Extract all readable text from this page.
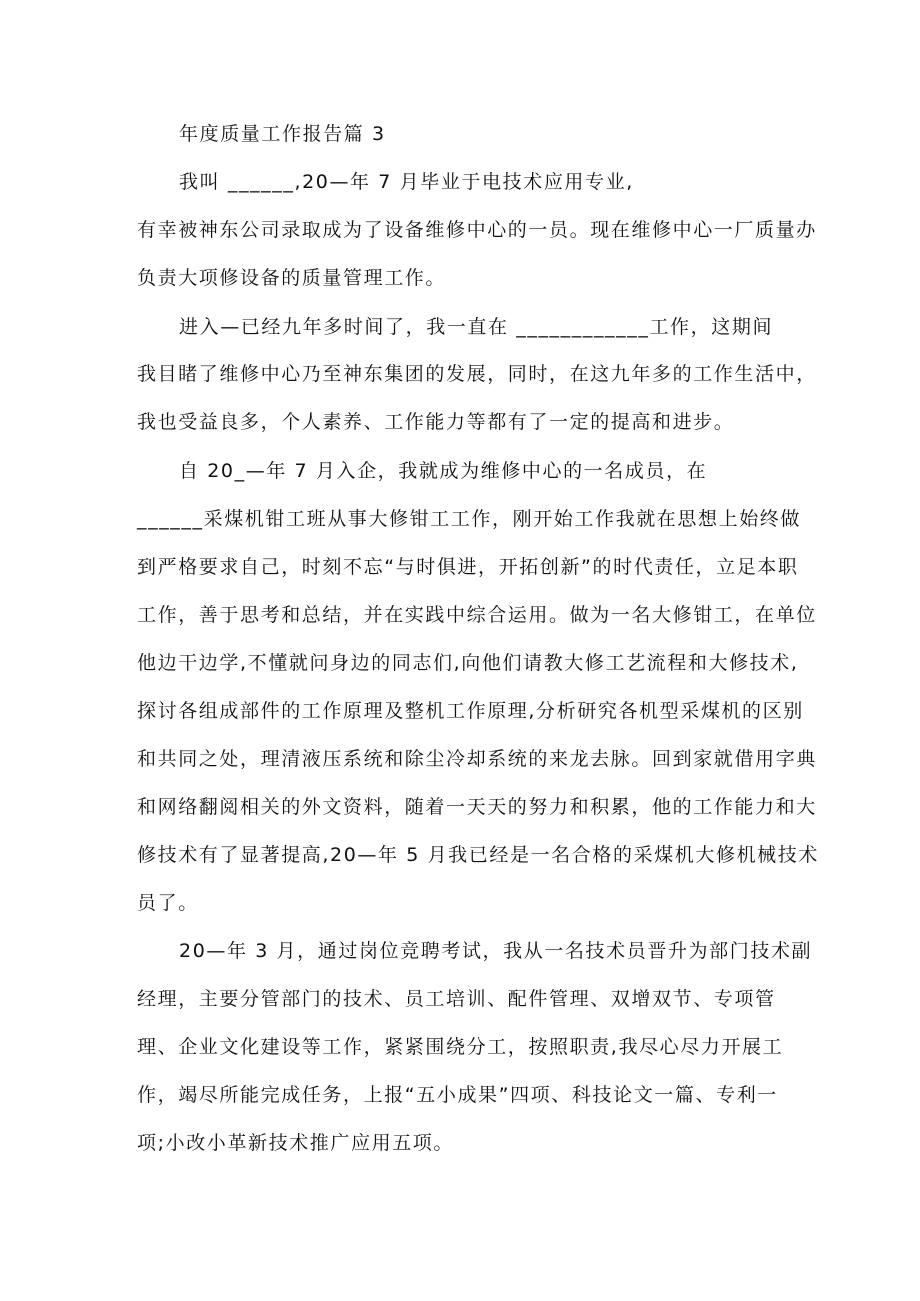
年度质量工作报告篇 3
我叫 ______,20—年 7 月毕业于电技术应用专业,
有幸被神东公司录取成为了设备维修中心的一员。现在维修中心一厂质量办
负责大项修设备的质量管理工作。
进入—已经九年多时间了，我一直在 ____________工作，这期间
我目睹了维修中心乃至神东集团的发展，同时，在这九年多的工作生活中，
我也受益良多，个人素养、工作能力等都有了一定的提高和进步。
自 20_—年 7 月入企，我就成为维修中心的一名成员，在
______采煤机钳工班从事大修钳工工作，刚开始工作我就在思想上始终做
到严格要求自己，时刻不忘“与时俱进，开拓创新”的时代责任，立足本职
工作，善于思考和总结，并在实践中综合运用。做为一名大修钳工，在单位
他边干边学,不懂就问身边的同志们,向他们请教大修工艺流程和大修技术,
探讨各组成部件的工作原理及整机工作原理,分析研究各机型采煤机的区别
和共同之处，理清液压系统和除尘冷却系统的来龙去脉。回到家就借用字典
和网络翻阅相关的外文资料，随着一天天的努力和积累，他的工作能力和大
修技术有了显著提高,20—年 5 月我已经是一名合格的采煤机大修机械技术
员了。
20—年 3 月，通过岗位竞聘考试，我从一名技术员晋升为部门技术副
经理，主要分管部门的技术、员工培训、配件管理、双增双节、专项管
理、企业文化建设等工作，紧紧围绕分工，按照职责,我尽心尽力开展工
作，竭尽所能完成任务，上报“五小成果”四项、科技论文一篇、专利一
项;小改小革新技术推广应用五项。
